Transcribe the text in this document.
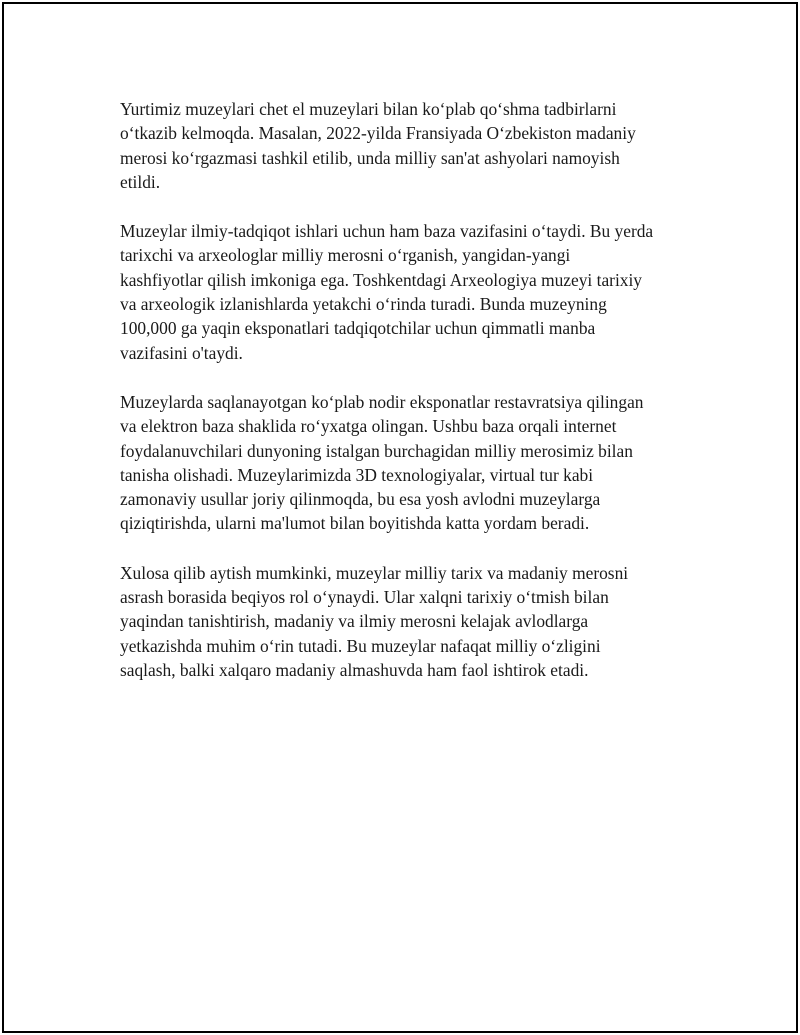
Yurtimiz muzeylari chet el muzeylari bilan ko‘plab qo‘shma tadbirlarni
o‘tkazib kelmoqda. Masalan, 2022-yilda Fransiyada O‘zbekiston madaniy
merosi ko‘rgazmasi tashkil etilib, unda milliy san'at ashyolari namoyish
etildi.

Muzeylar ilmiy-tadqiqot ishlari uchun ham baza vazifasini o‘taydi. Bu yerda
tarixchi va arxeologlar milliy merosni o‘rganish, yangidan-yangi
kashfiyotlar qilish imkoniga ega. Toshkentdagi Arxeologiya muzeyi tarixiy
va arxeologik izlanishlarda yetakchi o‘rinda turadi. Bunda muzeyning
100,000 ga yaqin eksponatlari tadqiqotchilar uchun qimmatli manba
vazifasini o'taydi.

Muzeylarda saqlanayotgan ko‘plab nodir eksponatlar restavratsiya qilingan
va elektron baza shaklida ro‘yxatga olingan. Ushbu baza orqali internet
foydalanuvchilari dunyoning istalgan burchagidan milliy merosimiz bilan
tanisha olishadi. Muzeylarimizda 3D texnologiyalar, virtual tur kabi
zamonaviy usullar joriy qilinmoqda, bu esa yosh avlodni muzeylarga
qiziqtirishda, ularni ma'lumot bilan boyitishda katta yordam beradi.

Xulosa qilib aytish mumkinki, muzeylar milliy tarix va madaniy merosni
asrash borasida beqiyos rol o‘ynaydi. Ular xalqni tarixiy o‘tmish bilan
yaqindan tanishtirish, madaniy va ilmiy merosni kelajak avlodlarga
yetkazishda muhim o‘rin tutadi. Bu muzeylar nafaqat milliy o‘zligini
saqlash, balki xalqaro madaniy almashuvda ham faol ishtirok etadi.
